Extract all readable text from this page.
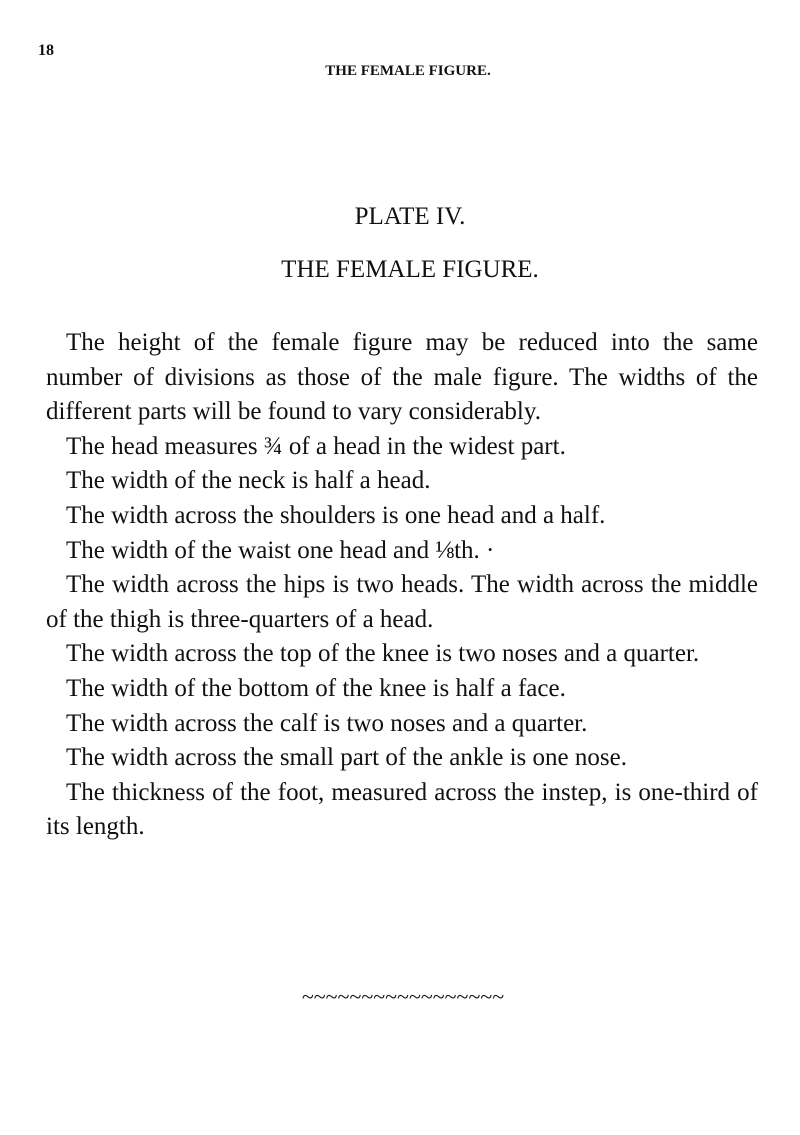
18
THE FEMALE FIGURE.
PLATE IV.
THE FEMALE FIGURE.

The height of the female figure may be reduced into the same number of divisions as those of the male figure. The widths of the different parts will be found to vary considerably.

The head measures ¾ of a head in the widest part.

The width of the neck is half a head.

The width across the shoulders is one head and a half.

The width of the waist one head and ⅛th. ·

The width across the hips is two heads. The width across the middle of the thigh is three-quarters of a head.

The width across the top of the knee is two noses and a quarter.

The width of the bottom of the knee is half a face.

The width across the calf is two noses and a quarter.

The width across the small part of the ankle is one nose.

The thickness of the foot, measured across the instep, is one-third of its length.

~~~~~~~~~~~~~~~~~
